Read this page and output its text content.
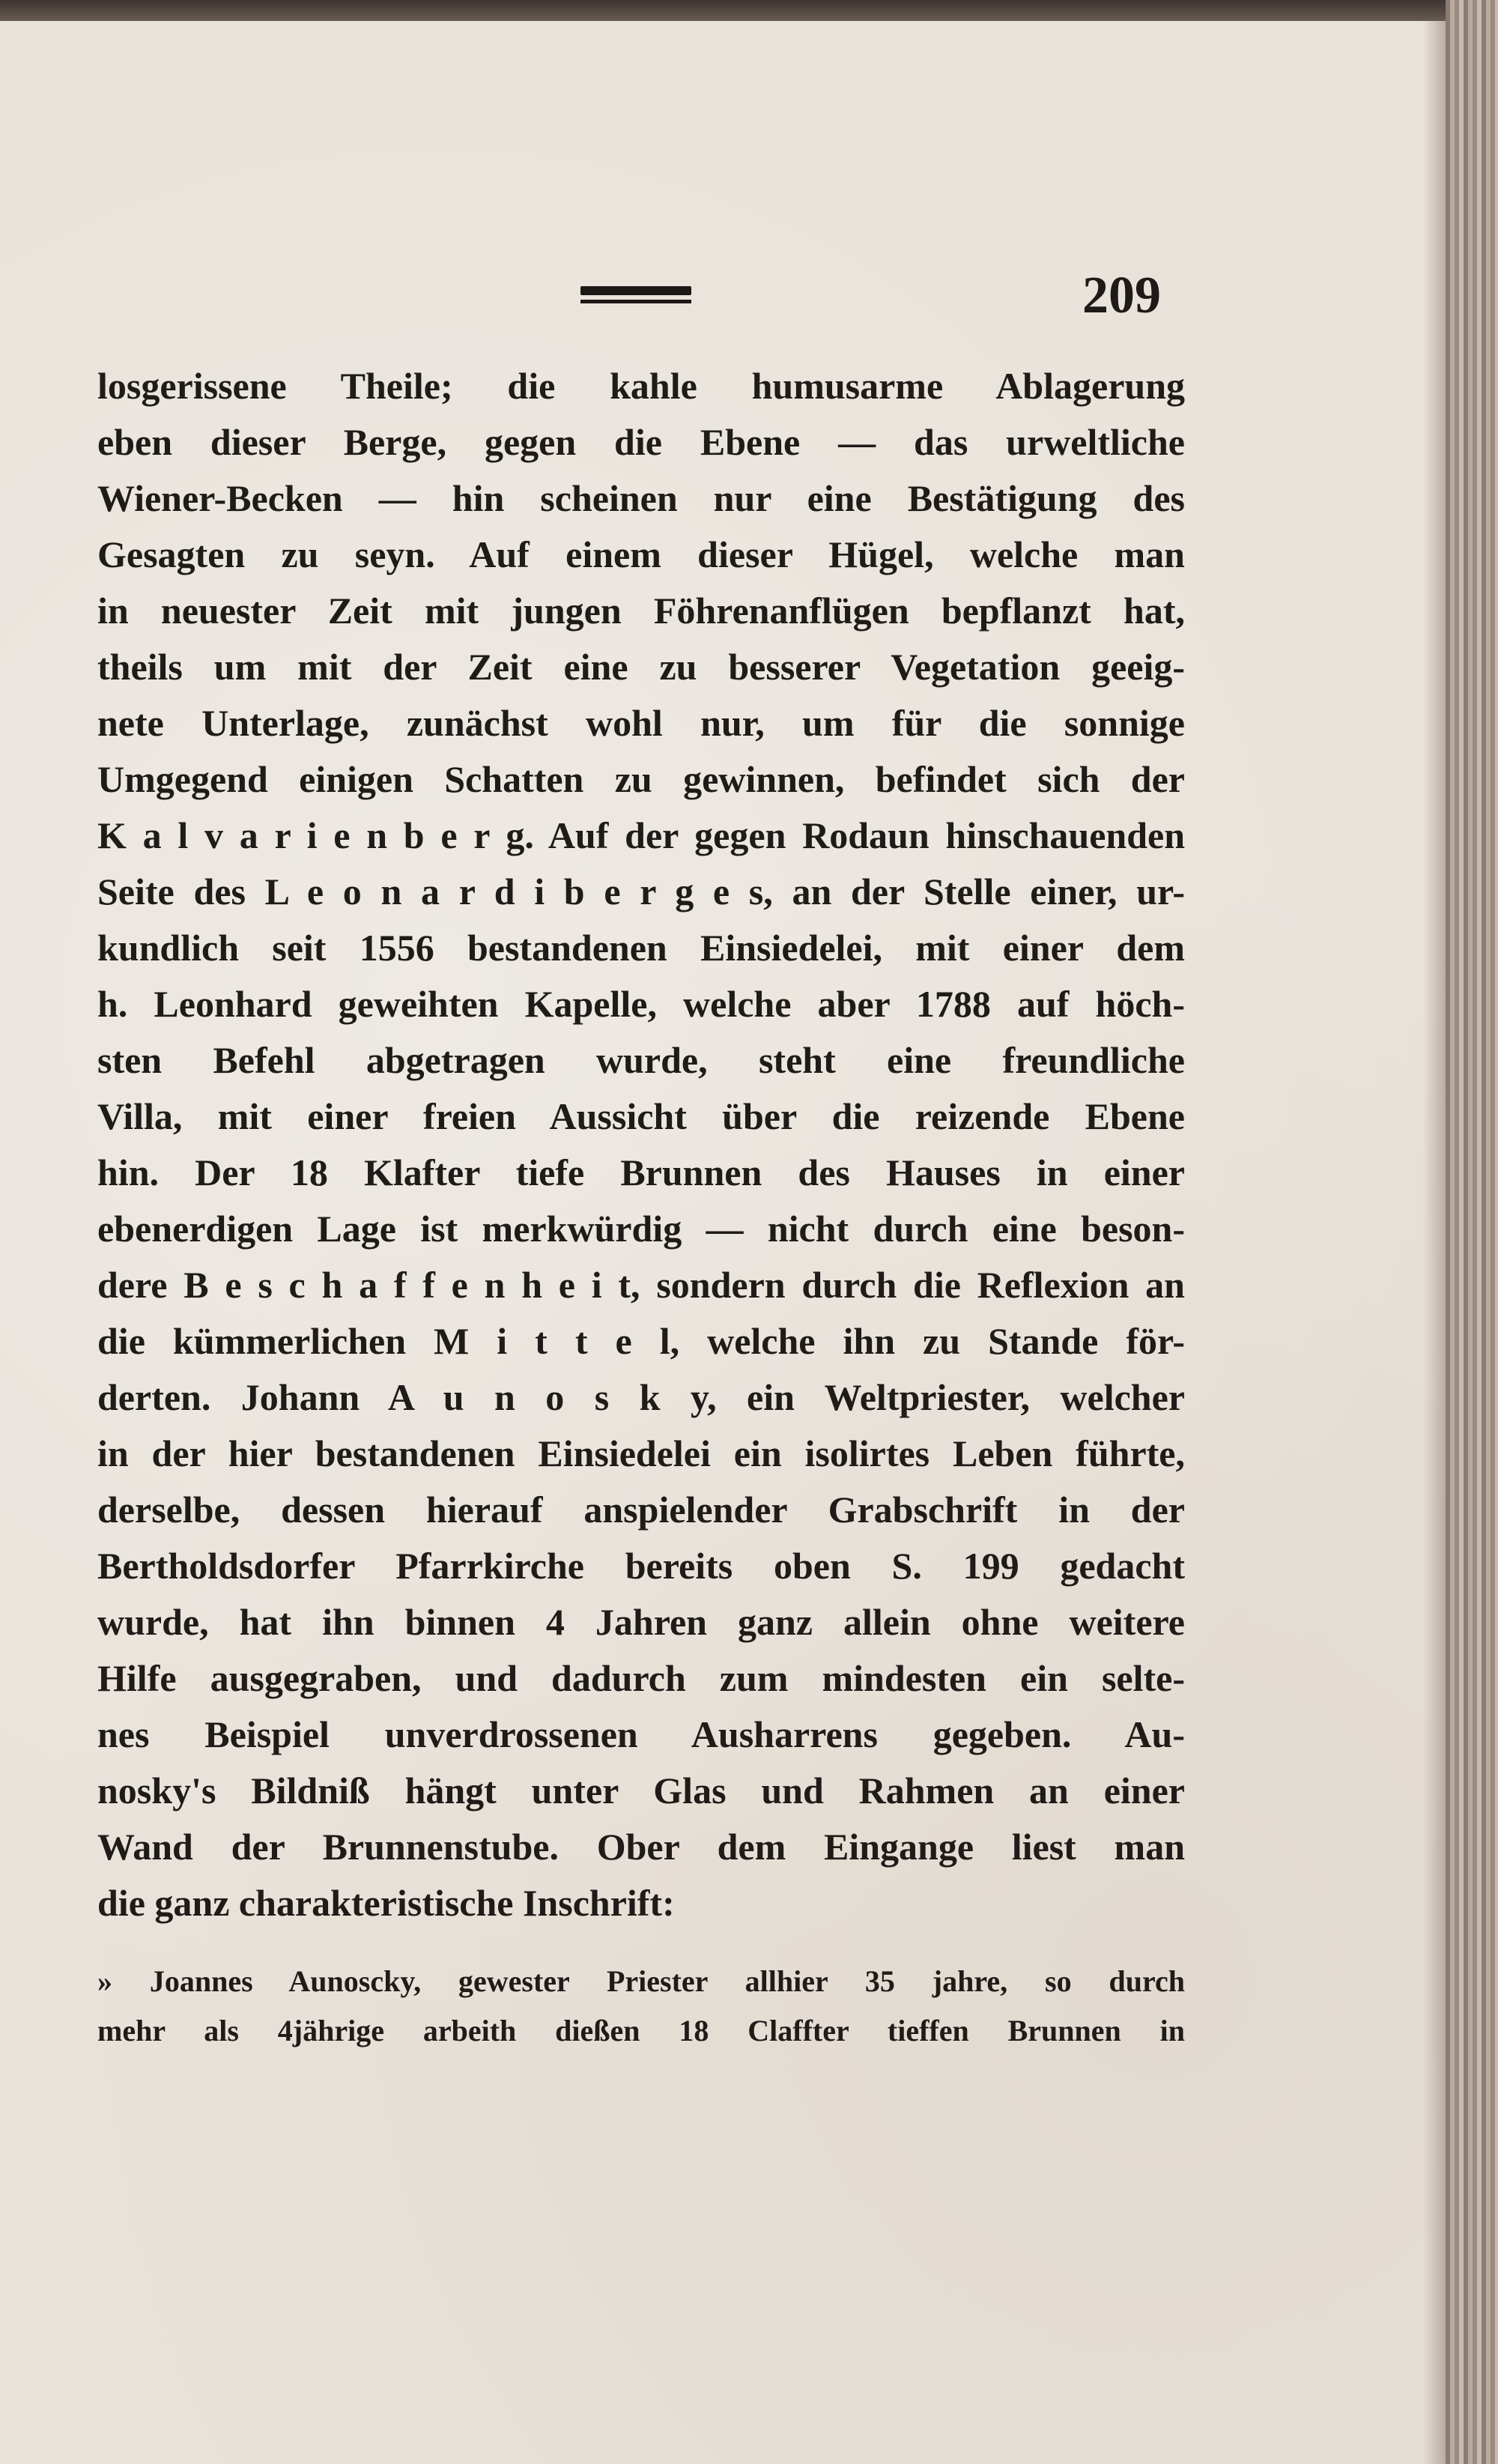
209
losgerissene Theile; die kahle humusarme Ablagerung
eben dieser Berge, gegen die Ebene — das urweltliche
Wiener-Becken — hin scheinen nur eine Bestätigung des
Gesagten zu seyn. Auf einem dieser Hügel, welche man
in neuester Zeit mit jungen Föhrenanflügen bepflanzt hat,
theils um mit der Zeit eine zu besserer Vegetation geeig-
nete Unterlage, zunächst wohl nur, um für die sonnige
Umgegend einigen Schatten zu gewinnen, befindet sich der
K a l v a r i e n b e r g. Auf der gegen Rodaun hinschauenden
Seite des L e o n a r d i b e r g e s, an der Stelle einer, ur-
kundlich seit 1556 bestandenen Einsiedelei, mit einer dem
h. Leonhard geweihten Kapelle, welche aber 1788 auf höch-
sten Befehl abgetragen wurde, steht eine freundliche
Villa, mit einer freien Aussicht über die reizende Ebene
hin. Der 18 Klafter tiefe Brunnen des Hauses in einer
ebenerdigen Lage ist merkwürdig — nicht durch eine beson-
dere B e s c h a f f e n h e i t, sondern durch die Reflexion an
die kümmerlichen M i t t e l, welche ihn zu Stande för-
derten. Johann A u n o s k y, ein Weltpriester, welcher
in der hier bestandenen Einsiedelei ein isolirtes Leben führte,
derselbe, dessen hierauf anspielender Grabschrift in der
Bertholdsdorfer Pfarrkirche bereits oben S. 199 gedacht
wurde, hat ihn binnen 4 Jahren ganz allein ohne weitere
Hilfe ausgegraben, und dadurch zum mindesten ein selte-
nes Beispiel unverdrossenen Ausharrens gegeben. Au-
nosky's Bildniß hängt unter Glas und Rahmen an einer
Wand der Brunnenstube. Ober dem Eingange liest man
die ganz charakteristische Inschrift:
» Joannes Aunoscky, gewester Priester allhier 35 jahre, so durch
mehr als 4jährige arbeith dießen 18 Claffter tieffen Brunnen in
